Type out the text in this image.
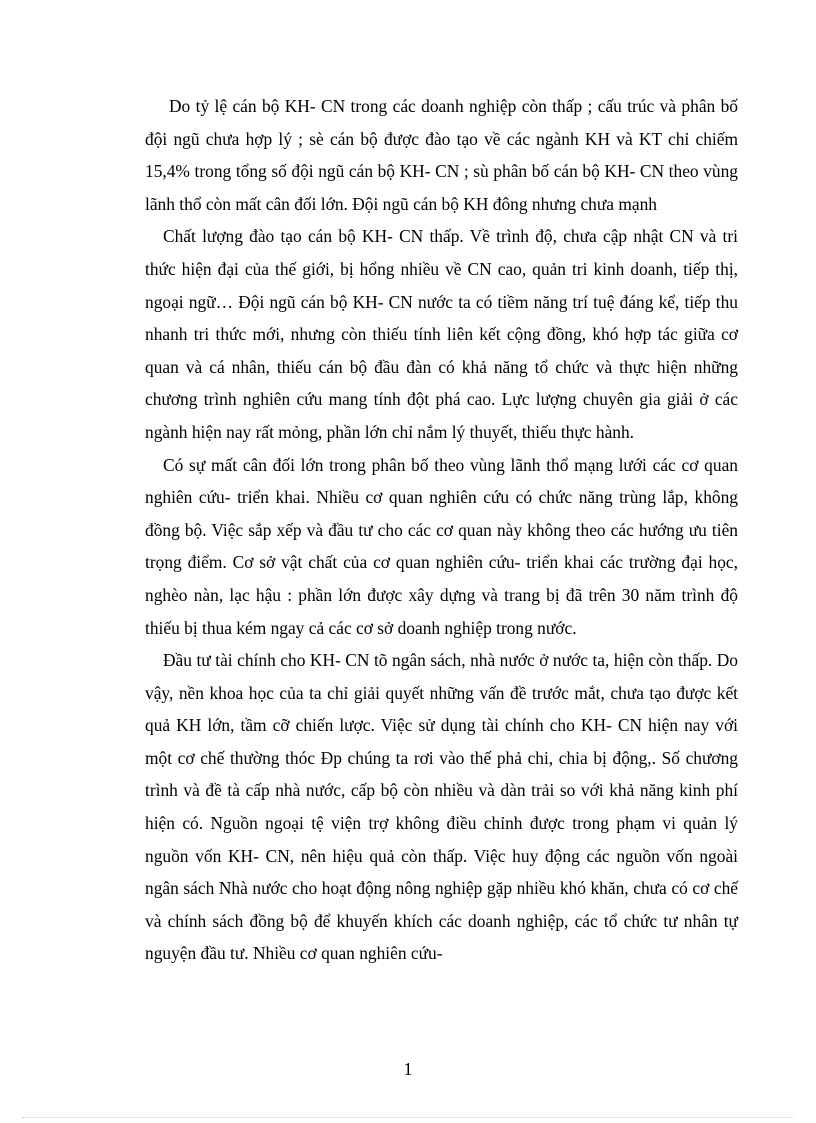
Do tỷ lệ cán bộ KH- CN trong các doanh nghiệp còn thấp ; cấu trúc và phân bố đội ngũ chưa hợp lý ; sè cán bộ được đào tạo về các ngành KH và KT chỉ chiếm 15,4% trong tổng số đội ngũ cán bộ KH- CN ; sù phân bố cán bộ KH- CN theo vùng lãnh thổ còn mất cân đối lớn. Đội ngũ cán bộ KH đông nhưng chưa mạnh

Chất lượng đào tạo cán bộ KH- CN thấp. Về trình độ, chưa cập nhật CN và tri thức hiện đại của thế giới, bị hổng nhiều về CN cao, quản tri kinh doanh, tiếp thị, ngoại ngữ… Đội ngũ cán bộ KH- CN nước ta có tiềm năng trí tuệ đáng kể, tiếp thu nhanh tri thức mới, nhưng còn thiếu tính liên kết cộng đồng, khó hợp tác giữa cơ quan và cá nhân, thiếu cán bộ đầu đàn có khả năng tổ chức và thực hiện những chương trình nghiên cứu mang tính đột phá cao. Lực lượng chuyên gia giải ở các ngành hiện nay rất mỏng, phần lớn chỉ nắm lý thuyết, thiếu thực hành.

Có sự mất cân đối lớn trong phân bố theo vùng lãnh thổ mạng lưới các cơ quan nghiên cứu- triển khai. Nhiều cơ quan nghiên cứu có chức năng trùng lắp, không đồng bộ. Việc sắp xếp và đầu tư cho các cơ quan này không theo các hướng ưu tiên trọng điểm. Cơ sở vật chất của cơ quan nghiên cứu- triển khai các trường đại học, nghèo nàn, lạc hậu : phần lớn được xây dựng và trang bị đã trên 30 năm trình độ thiếu bị thua kém ngay cả các cơ sở doanh nghiệp trong nước.

Đầu tư tài chính cho KH- CN tõ ngân sách, nhà nước ở nước ta, hiện còn thấp. Do vậy, nền khoa học của ta chỉ giải quyết những vấn đề trước mắt, chưa tạo được kết quả KH lớn, tầm cỡ chiến lược. Việc sử dụng tài chính cho KH- CN hiện nay với một cơ chế thường thóc Đp chúng ta rơi vào thế phả chi, chia bị động,. Số chương trình và đề tà cấp nhà nước, cấp bộ còn nhiều và dàn trải so với khả năng kinh phí hiện có. Nguồn ngoại tệ viện trợ không điều chỉnh được trong phạm vi quản lý nguồn vốn KH- CN, nên hiệu quả còn thấp. Việc huy động các nguồn vốn ngoài ngân sách Nhà nước cho hoạt động nông nghiệp gặp nhiều khó khăn, chưa có cơ chế và chính sách đồng bộ để khuyến khích các doanh nghiệp, các tổ chức tư nhân tự nguyện đầu tư. Nhiều cơ quan nghiên cứu-

1
